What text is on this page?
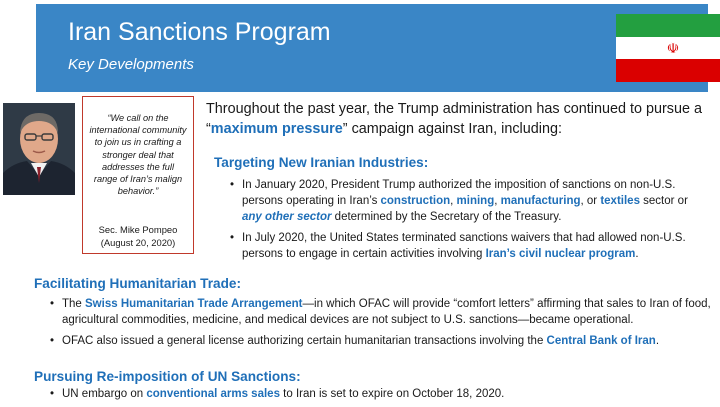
Iran Sanctions Program
Key Developments
☫
“We call on the international community to join us in crafting a stronger deal that addresses the full range of Iran’s malign behavior.”
Sec. Mike Pompeo
(August 20, 2020)
Throughout the past year, the Trump administration has continued to pursue a “maximum pressure” campaign against Iran, including:
Targeting New Iranian Industries:
• In January 2020, President Trump authorized the imposition of sanctions on non-U.S. persons operating in Iran’s construction, mining, manufacturing, or textiles sector or any other sector determined by the Secretary of the Treasury.
• In July 2020, the United States terminated sanctions waivers that had allowed non-U.S. persons to engage in certain activities involving Iran’s civil nuclear program.
Facilitating Humanitarian Trade:
• The Swiss Humanitarian Trade Arrangement—in which OFAC will provide “comfort letters” affirming that sales to Iran of food, agricultural commodities, medicine, and medical devices are not subject to U.S. sanctions—became operational.
• OFAC also issued a general license authorizing certain humanitarian transactions involving the Central Bank of Iran.
Pursuing Re-imposition of UN Sanctions:
• UN embargo on conventional arms sales to Iran is set to expire on October 18, 2020.
